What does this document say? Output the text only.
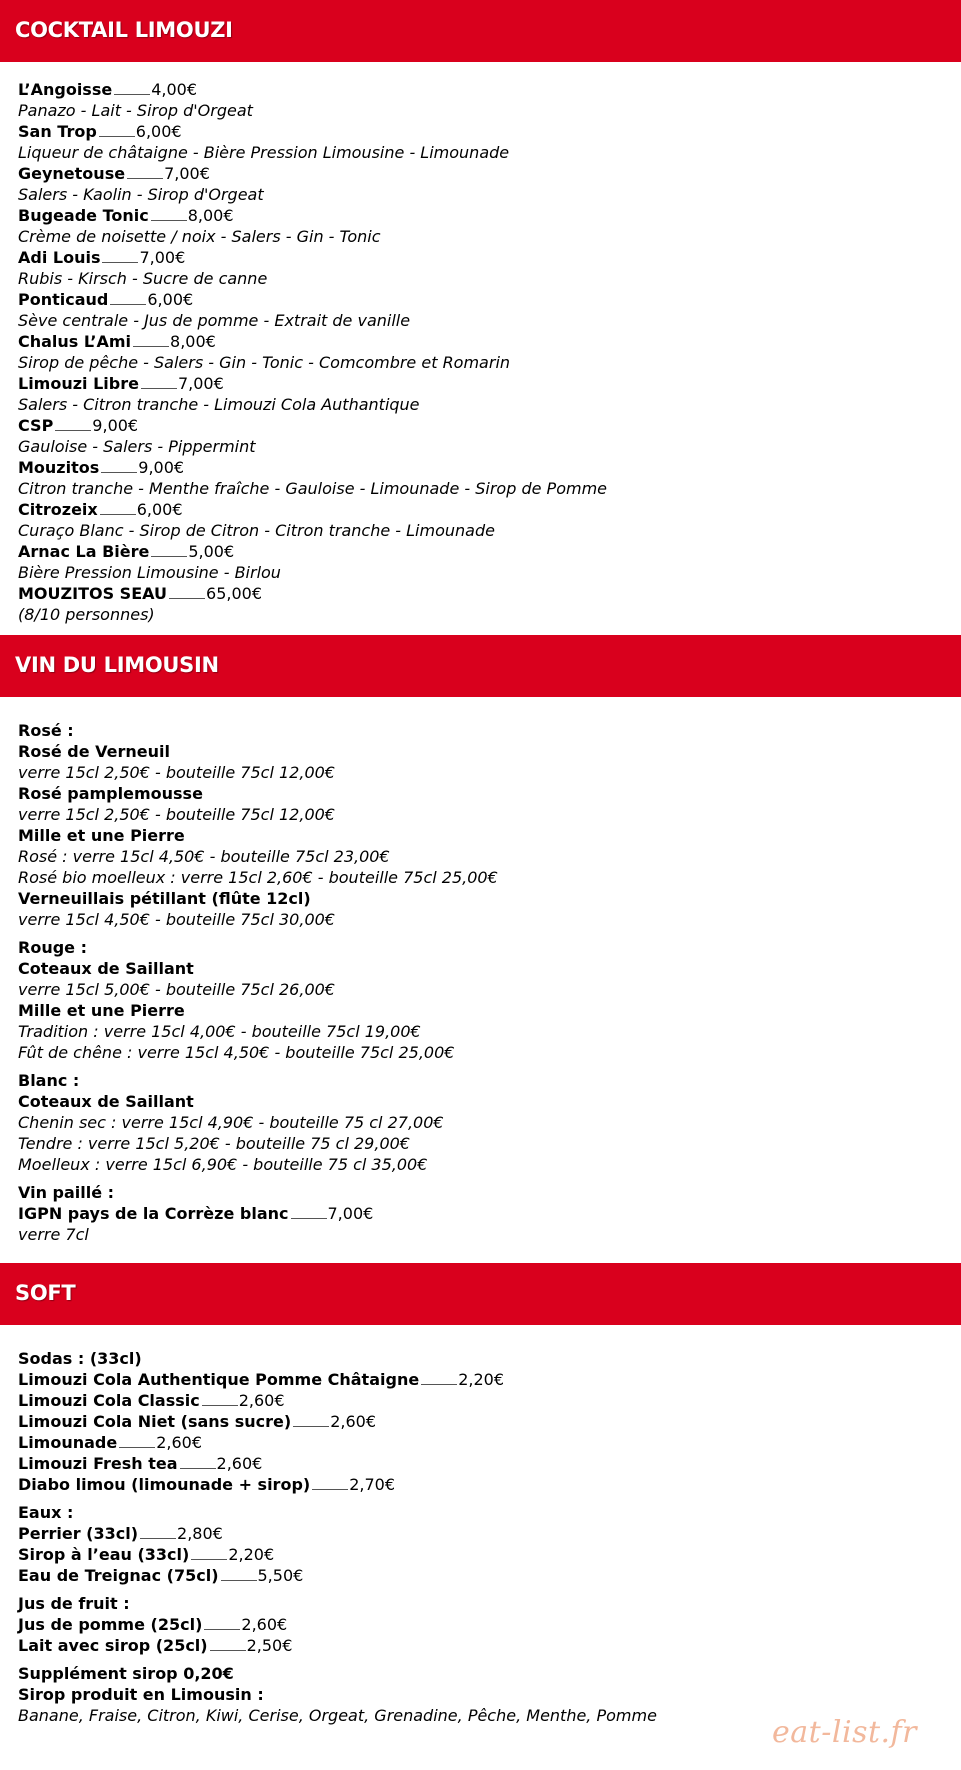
COCKTAIL LIMOUZI
L’Angoisse 4,00€
Panazo - Lait - Sirop d'Orgeat
San Trop 6,00€
Liqueur de châtaigne - Bière Pression Limousine - Limounade
Geynetouse 7,00€
Salers - Kaolin - Sirop d'Orgeat
Bugeade Tonic 8,00€
Crème de noisette / noix - Salers - Gin - Tonic
Adi Louis 7,00€
Rubis - Kirsch - Sucre de canne
Ponticaud 6,00€
Sève centrale - Jus de pomme - Extrait de vanille
Chalus L’Ami 8,00€
Sirop de pêche - Salers - Gin - Tonic - Comcombre et Romarin
Limouzi Libre 7,00€
Salers - Citron tranche - Limouzi Cola Authantique
CSP 9,00€
Gauloise - Salers - Pippermint
Mouzitos 9,00€
Citron tranche - Menthe fraîche - Gauloise - Limounade - Sirop de Pomme
Citrozeix 6,00€
Curaço Blanc - Sirop de Citron - Citron tranche - Limounade
Arnac La Bière 5,00€
Bière Pression Limousine - Birlou
MOUZITOS SEAU 65,00€
(8/10 personnes)
VIN DU LIMOUSIN
Rosé :
Rosé de Verneuil
verre 15cl 2,50€ - bouteille 75cl 12,00€
Rosé pamplemousse
verre 15cl 2,50€ - bouteille 75cl 12,00€
Mille et une Pierre
Rosé : verre 15cl 4,50€ - bouteille 75cl 23,00€
Rosé bio moelleux : verre 15cl 2,60€ - bouteille 75cl 25,00€
Verneuillais pétillant (flûte 12cl)
verre 15cl 4,50€ - bouteille 75cl 30,00€
Rouge :
Coteaux de Saillant
verre 15cl 5,00€ - bouteille 75cl 26,00€
Mille et une Pierre
Tradition : verre 15cl 4,00€ - bouteille 75cl 19,00€
Fût de chêne : verre 15cl 4,50€ - bouteille 75cl 25,00€
Blanc :
Coteaux de Saillant
Chenin sec : verre 15cl 4,90€ - bouteille 75 cl 27,00€
Tendre : verre 15cl 5,20€ - bouteille 75 cl 29,00€
Moelleux : verre 15cl 6,90€ - bouteille 75 cl 35,00€
Vin paillé :
IGPN pays de la Corrèze blanc 7,00€
verre 7cl
SOFT
Sodas : (33cl)
Limouzi Cola Authentique Pomme Châtaigne 2,20€
Limouzi Cola Classic 2,60€
Limouzi Cola Niet (sans sucre) 2,60€
Limounade 2,60€
Limouzi Fresh tea 2,60€
Diabo limou (limounade + sirop) 2,70€
Eaux :
Perrier (33cl) 2,80€
Sirop à l’eau (33cl) 2,20€
Eau de Treignac (75cl) 5,50€
Jus de fruit :
Jus de pomme (25cl) 2,60€
Lait avec sirop (25cl) 2,50€
Supplément sirop 0,20€
Sirop produit en Limousin :
Banane, Fraise, Citron, Kiwi, Cerise, Orgeat, Grenadine, Pêche, Menthe, Pomme	eat-list.fr
